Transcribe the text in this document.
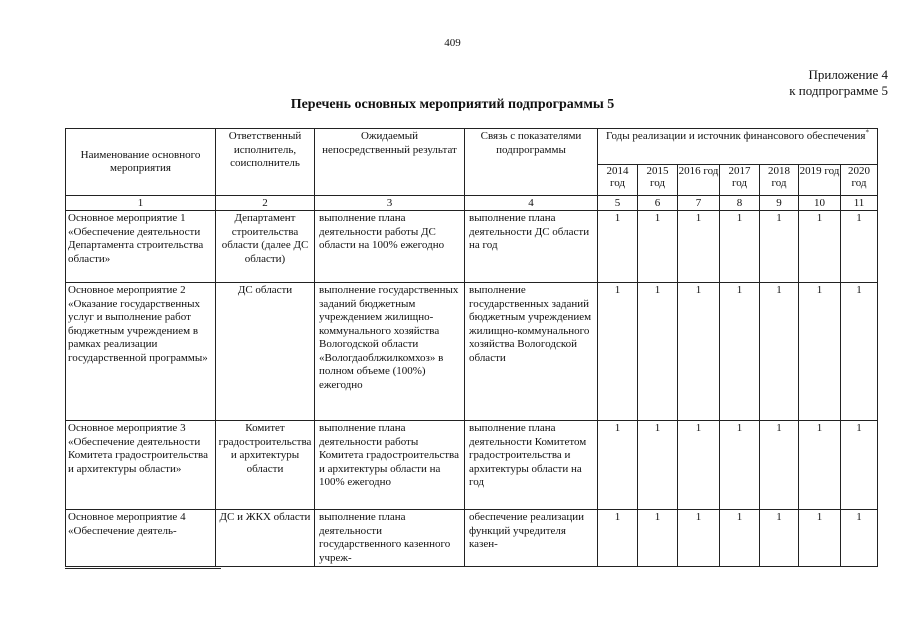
409
Приложение 4
к подпрограмме 5
Перечень основных мероприятий подпрограммы 5
Наименование основного мероприятия	Ответственный исполнитель, соисполнитель	Ожидаемый непосредственный результат	Связь с показателями подпрограммы	Годы реализации и источник финансового обеспечения*
				2014 год	2015 год	2016 год	2017 год	2018 год	2019 год	2020 год
1	2	3	4	5	6	7	8	9	10	11
Основное мероприятие 1 «Обеспечение деятельности Департамента строительства области»	Департамент строительства области (далее ДС области)	выполнение плана деятельности работы ДС области на 100% ежегодно	выполнение плана деятельности ДС области на год	1	1	1	1	1	1	1
Основное мероприятие 2 «Оказание государственных услуг и выполнение работ бюджетным учреждением в рамках реализации государственной программы»	ДС области	выполнение государственных заданий бюджетным учреждением жилищно-коммунального хозяйства Вологодской области «Вологдаоблжилкомхоз» в полном объеме (100%) ежегодно	выполнение государственных заданий бюджетным учреждением жилищно-коммунального хозяйства Вологодской области	1	1	1	1	1	1	1
Основное мероприятие 3 «Обеспечение деятельности Комитета градостроительства и архитектуры области»	Комитет градостроительства и архитектуры области	выполнение плана деятельности работы Комитета градостроительства и архитектуры области на 100% ежегодно	выполнение плана деятельности Комитетом градостроительства и архитектуры области на год	1	1	1	1	1	1	1
Основное мероприятие 4 «Обеспечение деятель-	ДС и ЖКХ области	выполнение плана деятельности государственного казенного учреж-	обеспечение реализации функций учредителя казен-	1	1	1	1	1	1	1
